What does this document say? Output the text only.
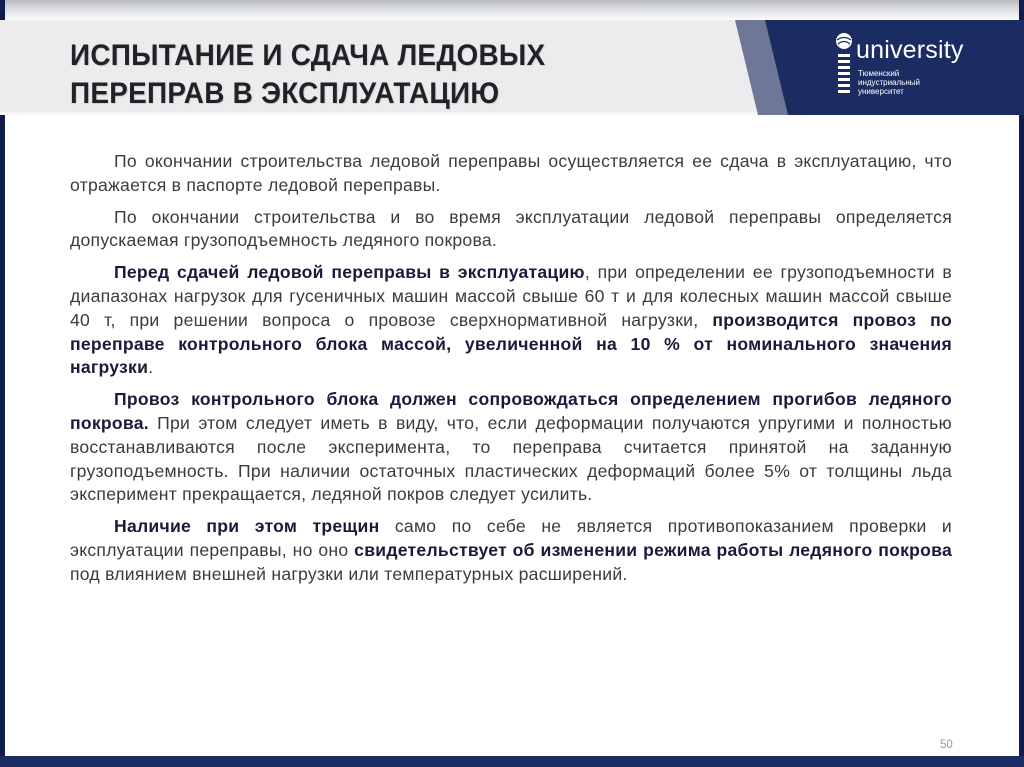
ИСПЫТАНИЕ И СДАЧА ЛЕДОВЫХ ПЕРЕПРАВ В ЭКСПЛУАТАЦИЮ
university
Тюменский
индустриальный
университет

По окончании строительства ледовой переправы осуществляется ее сдача в эксплуатацию, что отражается в паспорте ледовой переправы.

По окончании строительства и во время эксплуатации ледовой переправы определяется допускаемая грузоподъемность ледяного покрова.

Перед сдачей ледовой переправы в эксплуатацию, при определении ее грузоподъемности в диапазонах нагрузок для гусеничных машин массой свыше 60 т и для колесных машин массой свыше 40 т, при решении вопроса о провозе сверхнормативной нагрузки, производится провоз по переправе контрольного блока массой, увеличенной на 10 % от номинального значения нагрузки.

Провоз контрольного блока должен сопровождаться определением прогибов ледяного покрова. При этом следует иметь в виду, что, если деформации получаются упругими и полностью восстанавливаются после эксперимента, то переправа считается принятой на заданную грузоподъемность. При наличии остаточных пластических деформаций более 5% от толщины льда эксперимент прекращается, ледяной покров следует усилить.

Наличие при этом трещин само по себе не является противопоказанием проверки и эксплуатации переправы, но оно свидетельствует об изменении режима работы ледяного покрова под влиянием внешней нагрузки или температурных расширений.

50
